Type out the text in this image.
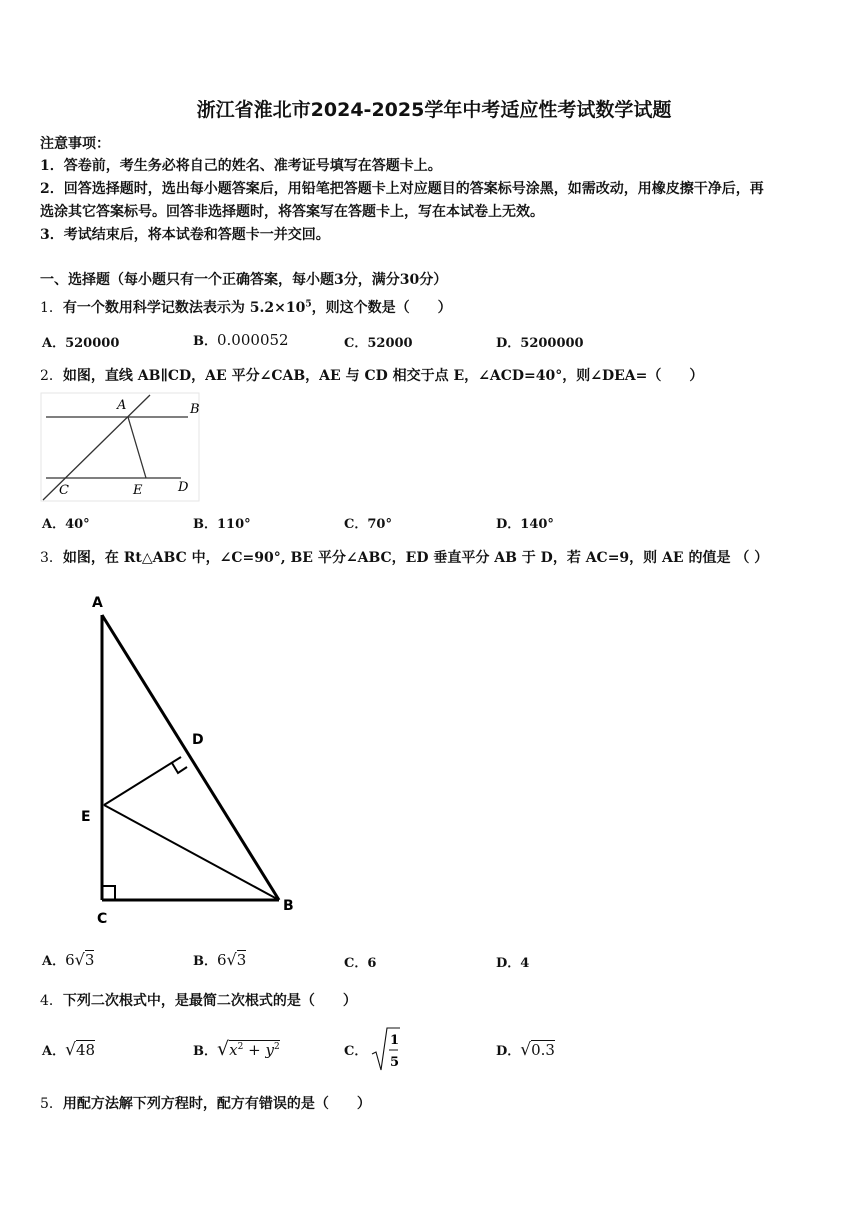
浙江省淮北市2024-2025学年中考适应性考试数学试题
注意事项：
1．答卷前，考生务必将自己的姓名、准考证号填写在答题卡上。
2．回答选择题时，选出每小题答案后，用铅笔把答题卡上对应题目的答案标号涂黑，如需改动，用橡皮擦干净后，再
选涂其它答案标号。回答非选择题时，将答案写在答题卡上，写在本试卷上无效。
3．考试结束后，将本试卷和答题卡一并交回。
一、选择题（每小题只有一个正确答案，每小题3分，满分30分）
1．有一个数用科学记数法表示为 $5.2\times 10^5$，则这个数是（　　）
A．520000	B．0.000052	C．52000	D．5200000
2．如图，直线 AB∥CD，AE 平分∠CAB，AE 与 CD 相交于点 E，∠ACD=40°，则∠DEA=（　　）
A	B
C	E	D
A．40°	B．110°	C．70°	D．140°
3．如图，在 Rt△ABC 中，∠C=90°, BE 平分∠ABC，ED 垂直平分 AB 于 D，若 AC=9，则 AE 的值是 （ ）
A
D
E
C
B
A．6√3	B．6√3	C．6	D．4
4．下列二次根式中，是最简二次根式的是（　　）
A．√48	B．$√x^2 + y^2$	C．
1
5
D．√0.3
5．用配方法解下列方程时，配方有错误的是（　　）
